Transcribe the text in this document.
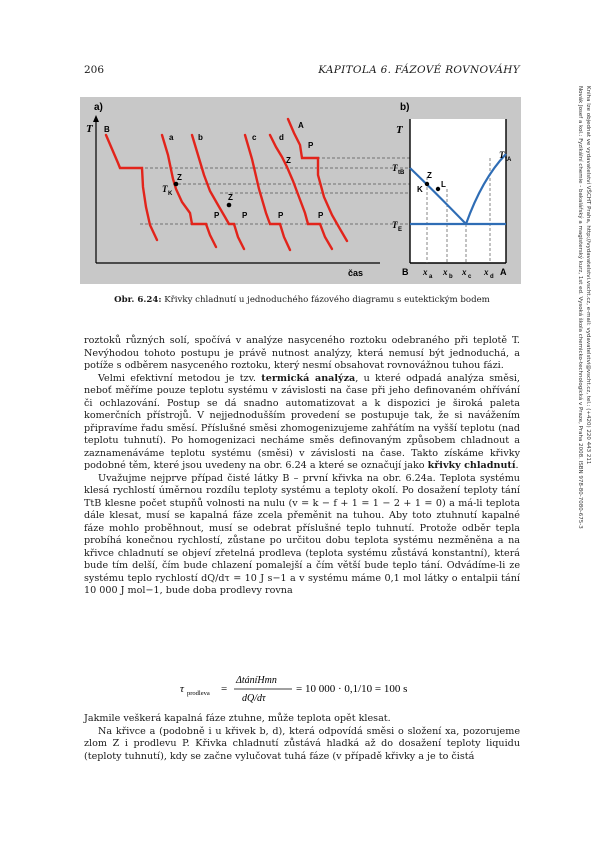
206	KAPITOLA 6. FÁZOVÉ ROVNOVÁHY
Novák Josef a kol.: Fyzikální chemie - bakalářský a magisterský kurz, 1st ed. Vysoká škola chemicko-technologická v Praze, Praha 2008. ISBN 978-80-7080-675-3 Kniha lze objednat ve vydavatelství VŠCHT Praha, http://vydavatelstvi.vscht.cz, e-mail: vydavatelstvi@vscht.cz, tel.: (+420) 220 443 211
a)
T
čas
B
a	b	c	d
A
Z
Z
Z
P
P	P	P	P
T K
b)
T
Z
K
L
T
T
T
tB
E
tA
B x a x b x c x d A
Obr. 6.24: Křivky chladnutí u jednoduchého fázového diagramu s eutektickým bodem

roztoků různých solí, spočívá v analýze nasyceného roztoku odebraného při teplotě T. Nevýhodou tohoto postupu je právě nutnost analýzy, která nemusí být jednoduchá, a potíže s odběrem nasyceného roztoku, který nesmí obsahovat rovnovážnou tuhou fázi.

Velmi efektivní metodou je tzv. termická analýza, u které odpadá analýza směsi, neboť měříme pouze teplotu systému v závislosti na čase při jeho definovaném ohřívání či ochlazování. Postup se dá snadno automatizovat a k dispozici je široká paleta komerčních přístrojů. V nejjednodušším provedení se postupuje tak, že si navážením připravíme řadu směsí. Příslušné směsi zhomogenizujeme zahřátím na vyšší teplotu (nad teplotu tuhnutí). Po homogenizaci necháme směs definovaným způsobem chladnout a zaznamenáváme teplotu systému (směsi) v závislosti na čase. Takto získáme křivky podobné těm, které jsou uvedeny na obr. 6.24 a které se označují jako křivky chladnutí.

Uvažujme nejprve případ čisté látky B – první křivka na obr. 6.24a. Teplota systému klesá rychlostí úměrnou rozdílu teploty systému a teploty okolí. Po dosažení teploty tání TtB klesne počet stupňů volnosti na nulu (v = k − f + 1 = 1 − 2 + 1 = 0) a má-li teplota dále klesat, musí se kapalná fáze zcela přeměnit na tuhou. Aby toto ztuhnutí kapalné fáze mohlo proběhnout, musí se odebrat příslušné teplo tuhnutí. Protože odběr tepla probíhá konečnou rychlostí, zůstane po určitou dobu teplota systému nezměněna a na křivce chladnutí se objeví zřetelná prodleva (teplota systému zůstává konstantní), která bude tím delší, čím bude chlazení pomalejší a čím větší bude teplo tání. Odvádíme-li ze systému teplo rychlostí dQ/dτ = 10 J s−1 a v systému máme 0,1 mol látky o entalpii tání 10 000 J mol−1, bude doba prodlevy rovna

τ prodleva =
ΔtáníHmn
dQ/dτ
= 10 000 · 0,1/10 = 100 s

Jakmile veškerá kapalná fáze ztuhne, může teplota opět klesat.

Na křivce a (podobně i u křivek b, d), která odpovídá směsi o složení xa, pozorujeme zlom Z i prodlevu P. Křivka chladnutí zůstává hladká až do dosažení teploty liquidu (teploty tuhnutí), kdy se začne vylučovat tuhá fáze (v případě křivky a je to čistá
